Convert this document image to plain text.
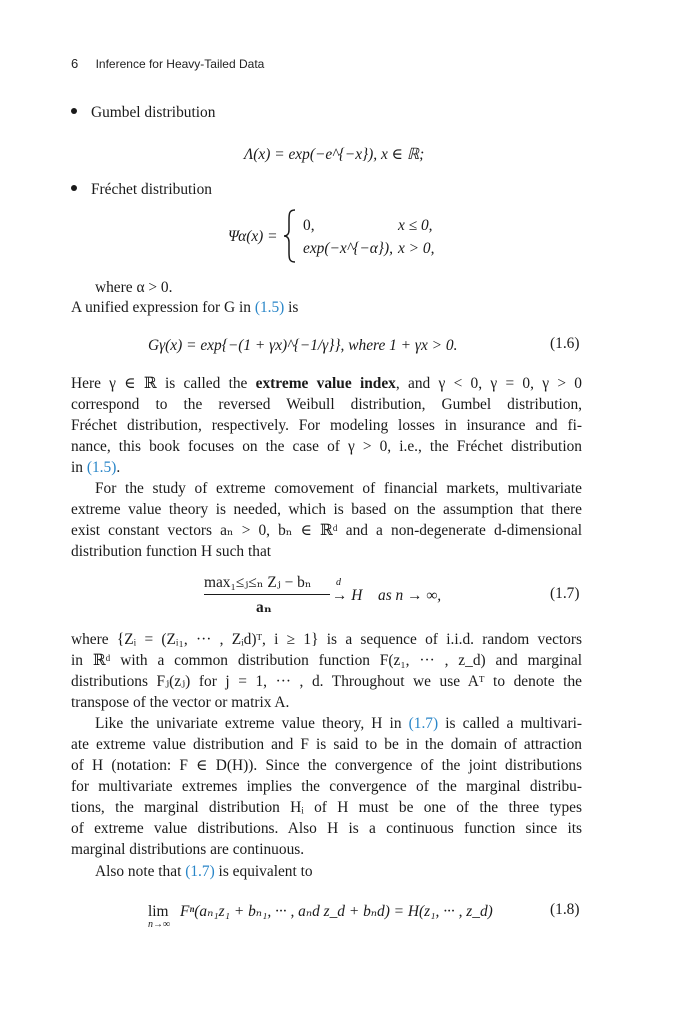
6 Inference for Heavy-Tailed Data
Gumbel distribution
Λ(x) = exp(−e^{−x}), x ∈ ℝ;
Fréchet distribution
Ψα(x) =
0,	x ≤ 0,
exp(−x^{−α}), x > 0,
where α > 0.
A unified expression for G in (1.5) is
Gγ(x) = exp{−(1 + γx)^{−1/γ}}, where 1 + γx > 0.	(1.6)
Here γ ∈ ℝ is called the extreme value index, and γ < 0, γ = 0, γ > 0
correspond to the reversed Weibull distribution, Gumbel distribution,
Fréchet distribution, respectively. For modeling losses in insurance and fi-
nance, this book focuses on the case of γ > 0, i.e., the Fréchet distribution
in (1.5).
For the study of extreme comovement of financial markets, multivariate
extreme value theory is needed, which is based on the assumption that there
exist constant vectors aₙ > 0, bₙ ∈ ℝᵈ and a non-degenerate d-dimensional
distribution function H such that
max₁≤ⱼ≤ₙ Zⱼ − bₙ
aₙ
d
→ H as n → ∞,	(1.7)
where {Zᵢ = (Zᵢ₁, ··· , Zᵢd)ᵀ, i ≥ 1} is a sequence of i.i.d. random vectors
in ℝᵈ with a common distribution function F(z₁, ··· , z_d) and marginal
distributions Fⱼ(zⱼ) for j = 1, ··· , d. Throughout we use Aᵀ to denote the
transpose of the vector or matrix A.
Like the univariate extreme value theory, H in (1.7) is called a multivari-
ate extreme value distribution and F is said to be in the domain of attraction
of H (notation: F ∈ D(H)). Since the convergence of the joint distributions
for multivariate extremes implies the convergence of the marginal distribu-
tions, the marginal distribution Hᵢ of H must be one of the three types
of extreme value distributions. Also H is a continuous function since its
marginal distributions are continuous.
Also note that (1.7) is equivalent to
lim
n→∞
Fⁿ(aₙ₁z₁ + bₙ₁, ··· , aₙd z_d + bₙd) = H(z₁, ··· , z_d)	(1.8)
